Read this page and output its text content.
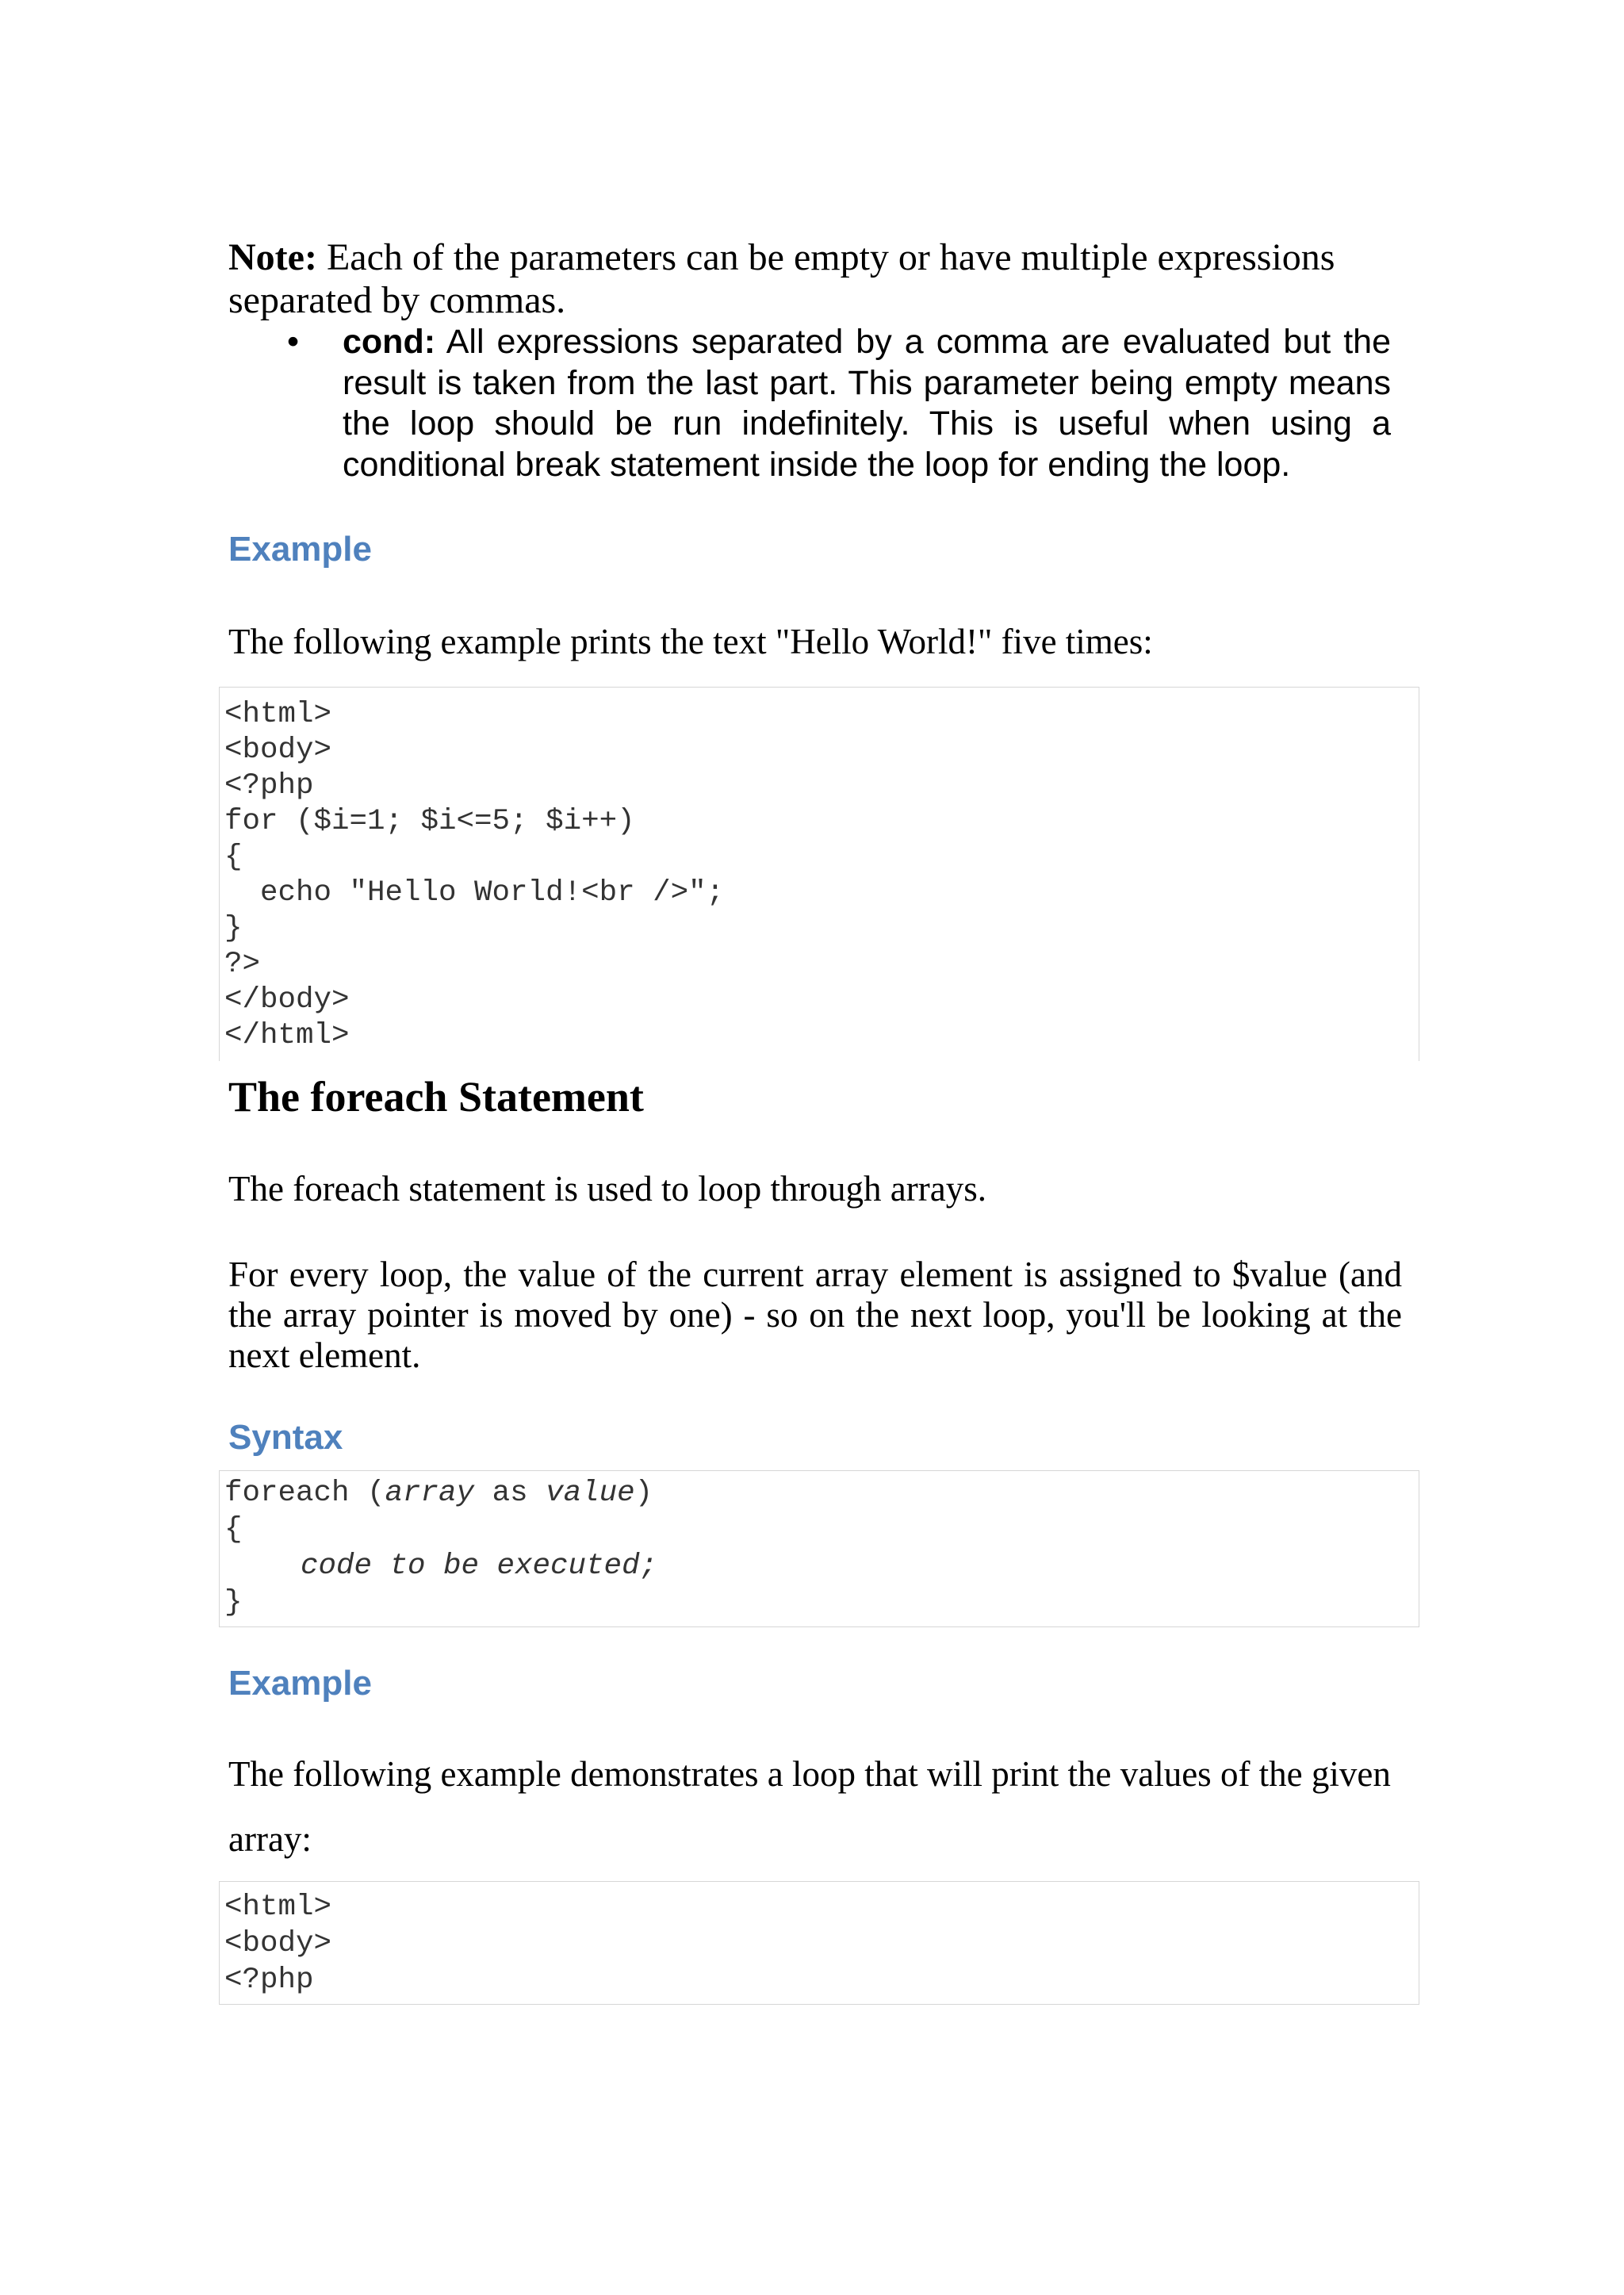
Note: Each of the parameters can be empty or have multiple expressions separated by commas.
• cond: All expressions separated by a comma are evaluated but the result is taken from the last part. This parameter being empty means the loop should be run indefinitely. This is useful when using a conditional break statement inside the loop for ending the loop.
Example
The following example prints the text "Hello World!" five times:
<html>
<body>
<?php
for ($i=1; $i<=5; $i++)
{
echo "Hello World!<br />";
}
?>
</body>
</html>
The foreach Statement
The foreach statement is used to loop through arrays.
For every loop, the value of the current array element is assigned to $value (and the array pointer is moved by one) - so on the next loop, you'll be looking at the next element.
Syntax
foreach (array as value)
{
code to be executed;
}
Example
The following example demonstrates a loop that will print the values of the given
array:
<html>
<body>
<?php
